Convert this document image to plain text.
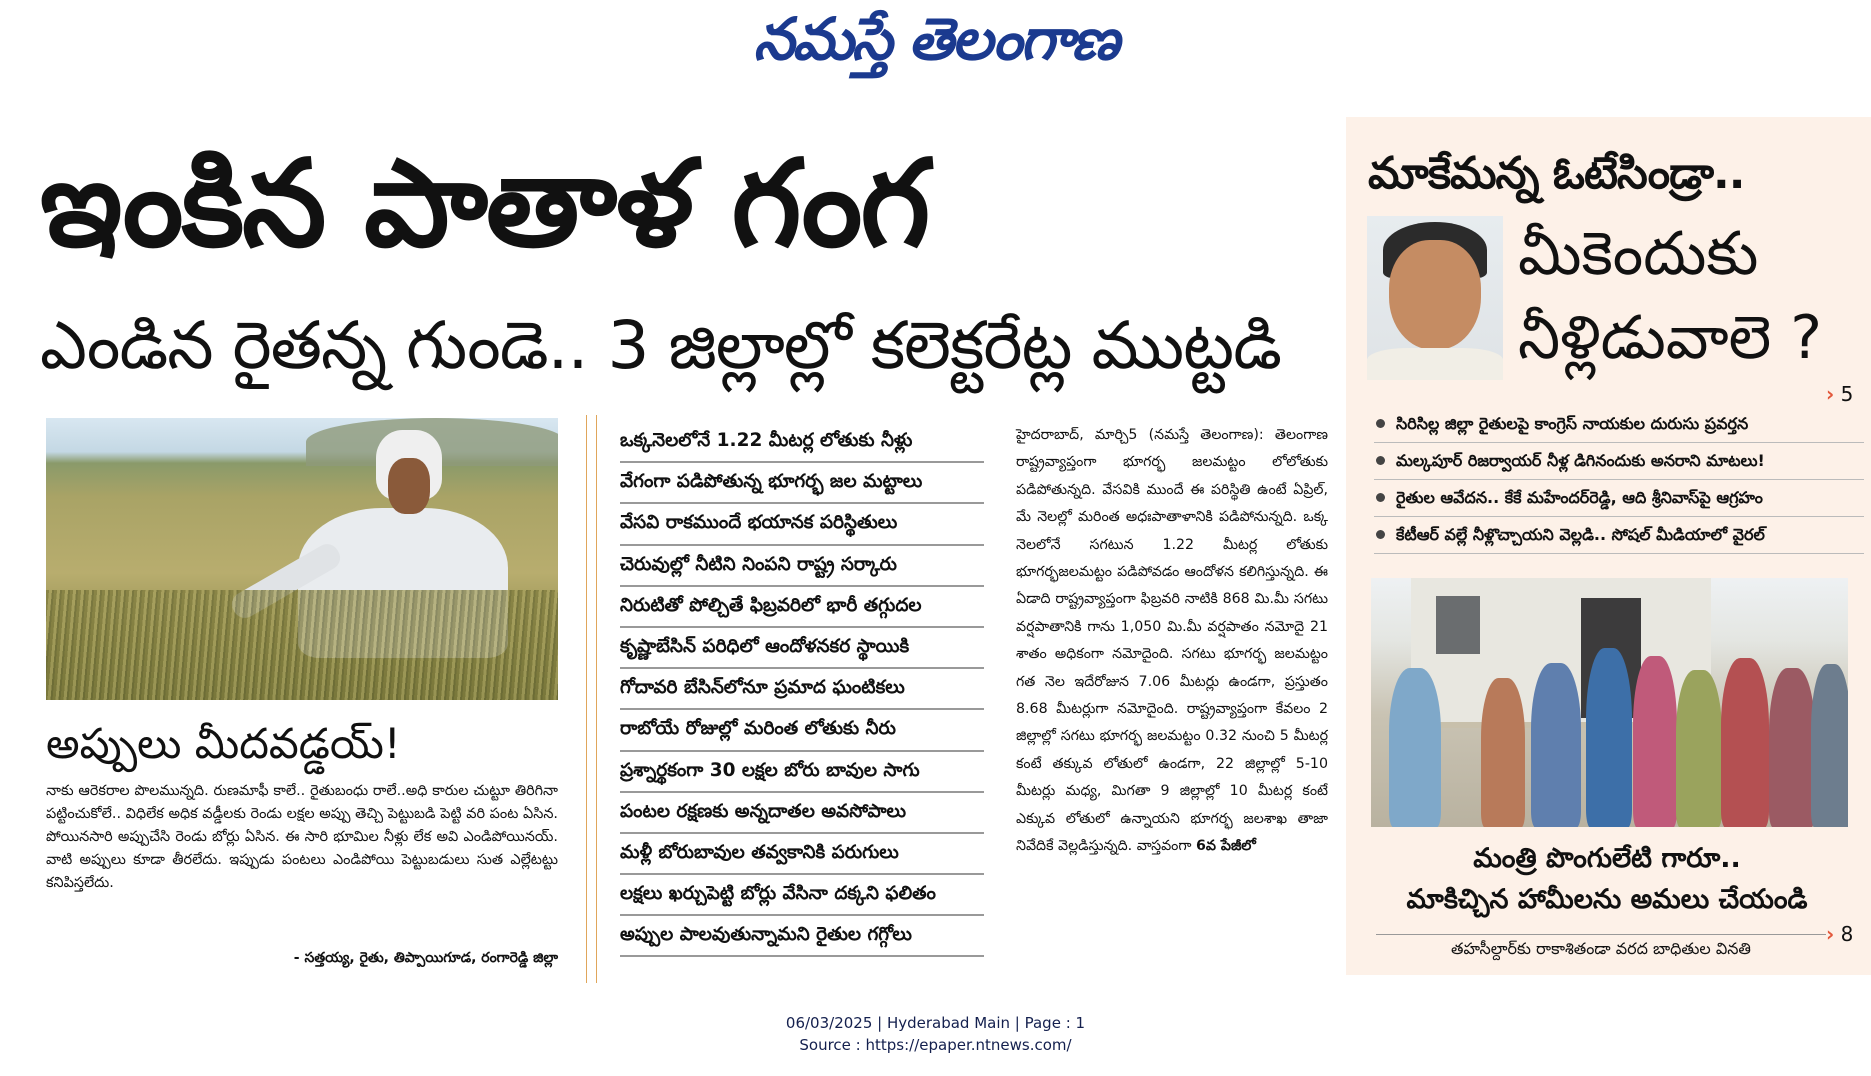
నమస్తే తెలంగాణ
ఇంకిన పాతాళ గంగ
ఎండిన రైతన్న గుండె.. 3 జిల్లాల్లో కలెక్టరేట్ల ముట్టడి
అప్పులు మీదవడ్డయ్!
నాకు ఆరెకరాల పొలమున్నది. రుణమాఫీ కాలే.. రైతుబంధు రాలే..అధి కారుల చుట్టూ తిరిగినా పట్టించుకోలే.. విధిలేక అధిక వడ్డీలకు రెండు లక్షల అప్పు తెచ్చి పెట్టుబడి పెట్టి వరి పంట ఏసిన. పోయినసారి అప్పుచేసి రెండు బోర్లు ఏసిన. ఈ సారి భూమిల నీళ్లు లేక అవి ఎండిపోయినయ్. వాటి అప్పులు కూడా తీరలేదు. ఇప్పుడు పంటలు ఎండిపోయి పెట్టుబడులు సుత ఎల్లేటట్టు కనిపిస్తలేదు.
- సత్తయ్య, రైతు, తిప్పాయిగూడ, రంగారెడ్డి జిల్లా
ఒక్కనెలలోనే 1.22 మీటర్ల లోతుకు నీళ్లు
వేగంగా పడిపోతున్న భూగర్భ జల మట్టాలు
వేసవి రాకముందే భయానక పరిస్థితులు
చెరువుల్లో నీటిని నింపని రాష్ట్ర సర్కారు
నిరుటితో పోల్చితే ఫిబ్రవరిలో భారీ తగ్గుదల
కృష్ణాబేసిన్ పరిధిలో ఆందోళనకర స్థాయికి
గోదావరి బేసిన్‌లోనూ ప్రమాద ఘంటికలు
రాబోయే రోజుల్లో మరింత లోతుకు నీరు
ప్రశ్నార్థకంగా 30 లక్షల బోరు బావుల సాగు
పంటల రక్షణకు అన్నదాతల అవసోపాలు
మళ్లీ బోరుబావుల తవ్వకానికి పరుగులు
లక్షలు ఖర్చుపెట్టి బోర్లు వేసినా దక్కని ఫలితం
అప్పుల పాలవుతున్నామని రైతుల గగ్గోలు
హైదరాబాద్, మార్చి5 (నమస్తే తెలంగాణ): తెలంగాణ రాష్ట్రవ్యాప్తంగా భూగర్భ జలమట్టం లోలోతుకు పడిపోతున్నది. వేసవికి ముందే ఈ పరిస్థితి ఉంటే ఏప్రిల్, మే నెలల్లో మరింత అధఃపాతాళానికి పడిపోనున్నది. ఒక్క నెలలోనే సగటున 1.22 మీటర్ల లోతుకు భూగర్భజలమట్టం పడిపోవడం ఆందోళన కలిగిస్తున్నది. ఈ ఏడాది రాష్ట్రవ్యాప్తంగా ఫిబ్రవరి నాటికి 868 మి.మీ సగటు వర్షపాతానికి గాను 1,050 మి.మీ వర్షపాతం నమోదై 21 శాతం అధికంగా నమోదైంది. సగటు భూగర్భ జలమట్టం గత నెల ఇదేరోజున 7.06 మీటర్లు ఉండగా, ప్రస్తుతం 8.68 మీటర్లుగా నమోదైంది. రాష్ట్రవ్యాప్తంగా కేవలం 2 జిల్లాల్లో సగటు భూగర్భ జలమట్టం 0.32 నుంచి 5 మీటర్ల కంటే తక్కువ లోతులో ఉండగా, 22 జిల్లాల్లో 5-10 మీటర్లు మధ్య, మిగతా 9 జిల్లాల్లో 10 మీటర్ల కంటే ఎక్కువ లోతులో ఉన్నాయని భూగర్భ జలశాఖ తాజా నివేదికే వెల్లడిస్తున్నది. వాస్తవంగా 6వ పేజీలో
మాకేమన్న ఓటేసిండ్రా..
మీకెందుకు
నీళ్లిడువాలె ?
› 5
సిరిసిల్ల జిల్లా రైతులపై కాంగ్రెస్ నాయకుల దురుసు ప్రవర్తన
మల్కపూర్ రిజర్వాయర్ నీళ్ల డిగినందుకు అనరాని మాటలు!
రైతుల ఆవేదన.. కేకే మహేందర్‌రెడ్డి, ఆది శ్రీనివాస్‌పై ఆగ్రహం
కేటీఆర్ వల్లే నీళ్లొచ్చాయని వెల్లడి.. సోషల్ మీడియాలో వైరల్
మంత్రి పొంగులేటి గారూ..
మాకిచ్చిన హామీలను అమలు చేయండి
› 8
తహసీల్దార్‌కు రాకాశితండా వరద బాధితుల వినతి
06/03/2025 | Hyderabad Main | Page : 1
Source : https://epaper.ntnews.com/
